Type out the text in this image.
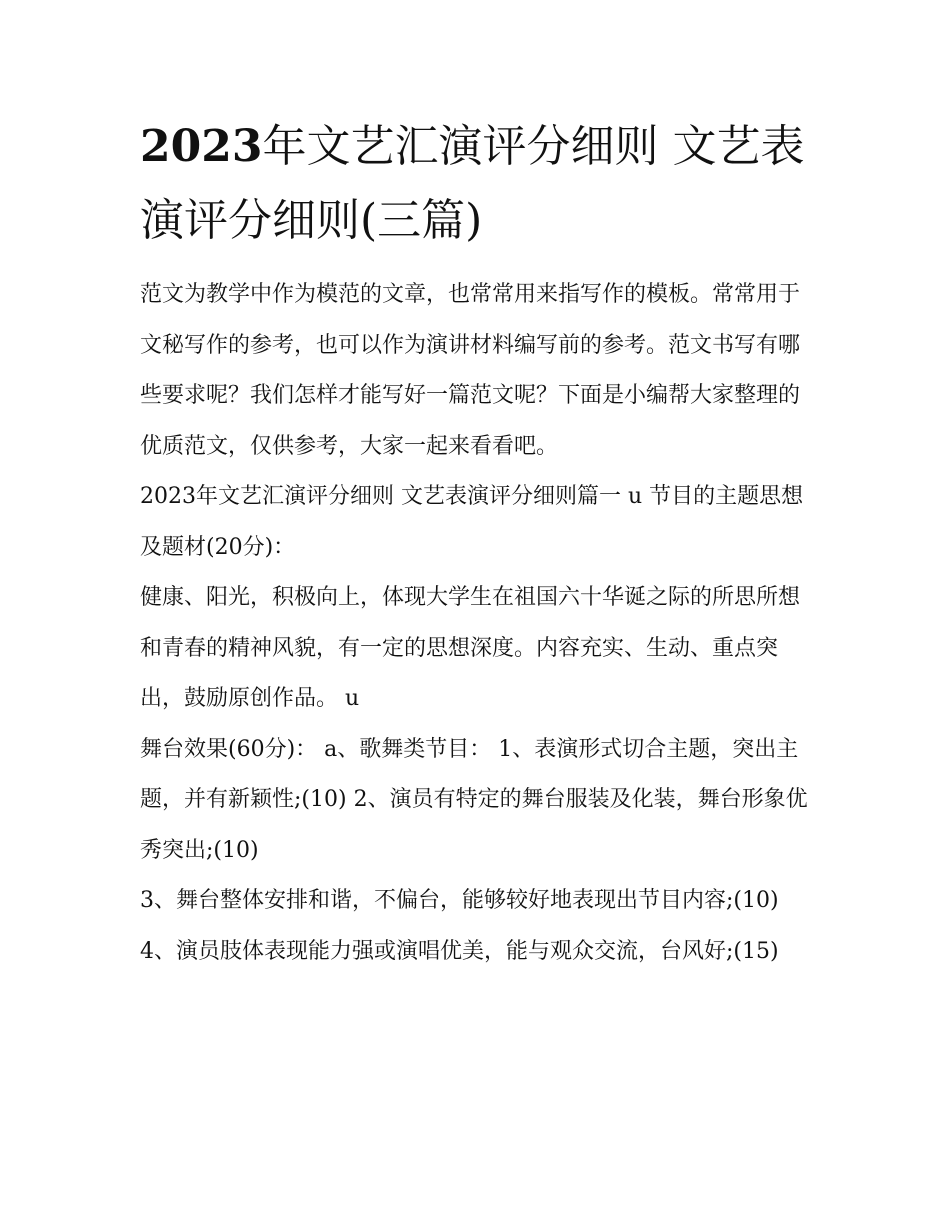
2023年文艺汇演评分细则 文艺表演评分细则(三篇)

范文为教学中作为模范的文章，也常常用来指写作的模板。常常用于文秘写作的参考，也可以作为演讲材料编写前的参考。范文书写有哪些要求呢？我们怎样才能写好一篇范文呢？下面是小编帮大家整理的优质范文，仅供参考，大家一起来看看吧。

2023年文艺汇演评分细则 文艺表演评分细则篇一 u 节目的主题思想及题材(20分)：

健康、阳光，积极向上，体现大学生在祖国六十华诞之际的所思所想和青春的精神风貌，有一定的思想深度。内容充实、生动、重点突出，鼓励原创作品。 u

舞台效果(60分)： a、歌舞类节目： 1、表演形式切合主题，突出主题，并有新颖性;(10) 2、演员有特定的舞台服装及化装，舞台形象优秀突出;(10)

3、舞台整体安排和谐，不偏台，能够较好地表现出节目内容;(10) 4、演员肢体表现能力强或演唱优美，能与观众交流，台风好;(15)
